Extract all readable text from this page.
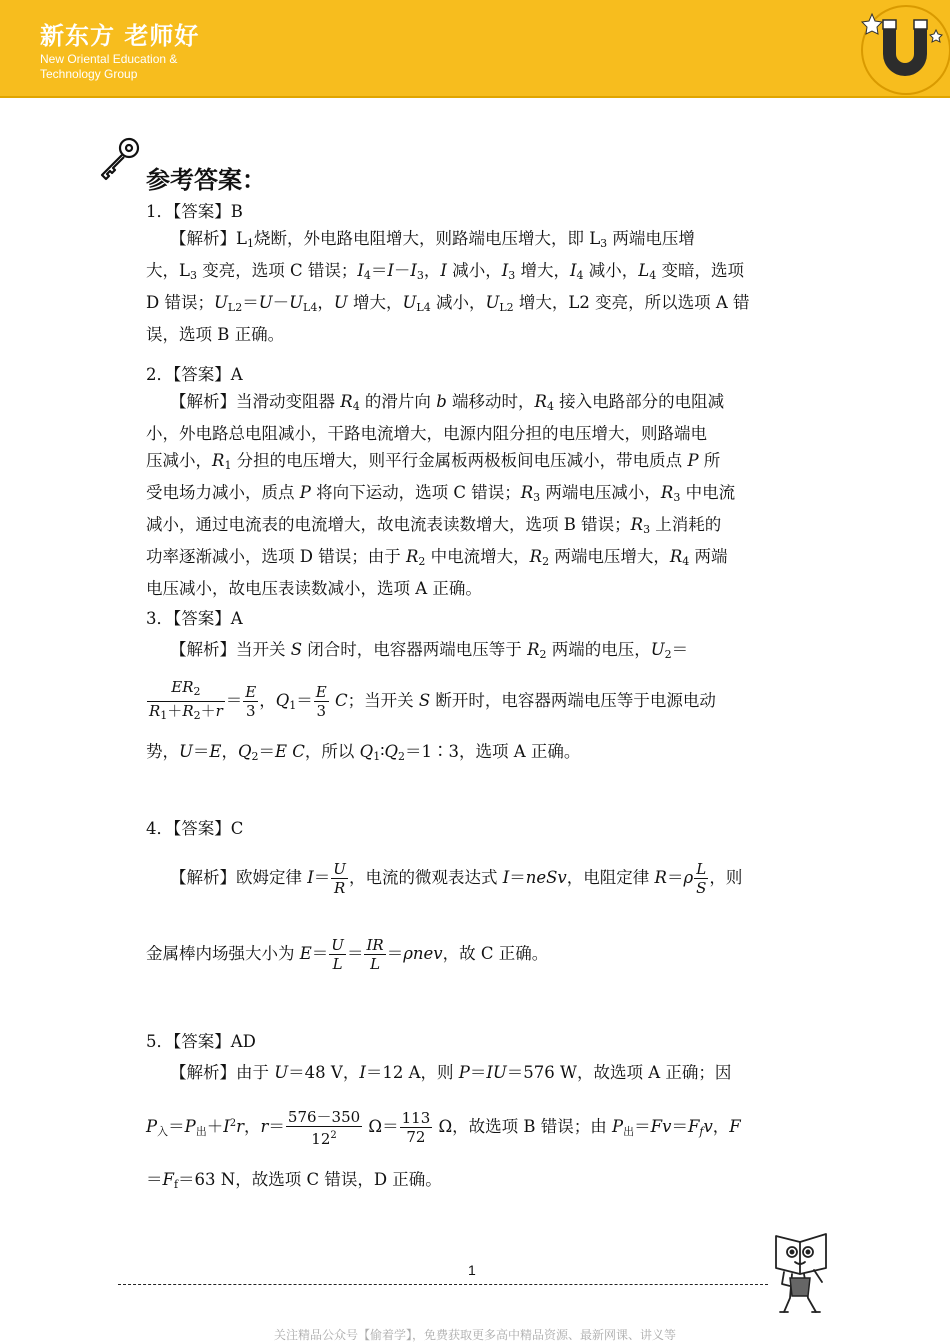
新东方 老师好
New Oriental Education &
Technology Group
参考答案：
1．【答案】B
【解析】$L_1$烧断，外电路电阻增大，则路端电压增大，即 $L_3$ 两端电压增
大，$L_3$ 变亮，选项 C 错误；$I_4=I-I_3$，I 减小，$I_3$ 增大，$I_4$ 减小，$L_4$ 变暗，选项
D 错误；$U_{L2}=U-U_{L4}$，U 增大，$U_{L4}$ 减小，$U_{L2}$ 增大，L2 变亮，所以选项 A 错
误，选项 B 正确。
2．【答案】A
【解析】当滑动变阻器 $R_4$ 的滑片向 b 端移动时，$R_4$ 接入电路部分的电阻减
小，外电路总电阻减小，干路电流增大，电源内阻分担的电压增大，则路端电
压减小，$R_1$ 分担的电压增大，则平行金属板两极板间电压减小，带电质点 P 所
受电场力减小，质点 P 将向下运动，选项 C 错误；$R_3$ 两端电压减小，$R_3$ 中电流
减小，通过电流表的电流增大，故电流表读数增大，选项 B 错误；$R_3$ 上消耗的
功率逐渐减小，选项 D 错误；由于 $R_2$ 中电流增大，$R_2$ 两端电压增大，$R_4$ 两端
电压减小，故电压表读数减小，选项 A 正确。
3．【答案】A
【解析】当开关 S 闭合时，电容器两端电压等于 $R_2$ 两端的电压，$U_2=$
$\frac{ER_2}{R_1+R_2+r} = \frac{E}{3}$ ，$Q_1= \frac{E}{3}$ C；当开关 S 断开时，电容器两端电压等于电源电动
势，U＝E，$Q_2=E$ C，所以 $Q_1∶Q_2=1∶3$，选项 A 正确。
4．【答案】C
【解析】欧姆定律 $I= \frac{U}{R}$ ，电流的微观表达式 I＝neSv，电阻定律 $R=\rho \frac{L}{S}$ ，则
金属棒内场强大小为 $E= \frac{U}{L} = \frac{IR}{L} =\rho nev$，故 C 正确。
5．【答案】AD
【解析】由于 U＝48 V，I＝12 A，则 P＝IU＝576 W，故选项 A 正确；因
$P_入=P_出+I^2r$，$r= \frac{576-350}{12^2} \Omega= \frac{113}{72}$ Ω，故选项 B 错误；由 $P_出=Fv=F_fv$，F
$=F_f=63$ N，故选项 C 错误，D 正确。
1
关注精品公众号【偷着学】，免费获取更多高中精品资源、最新网课、讲义等
